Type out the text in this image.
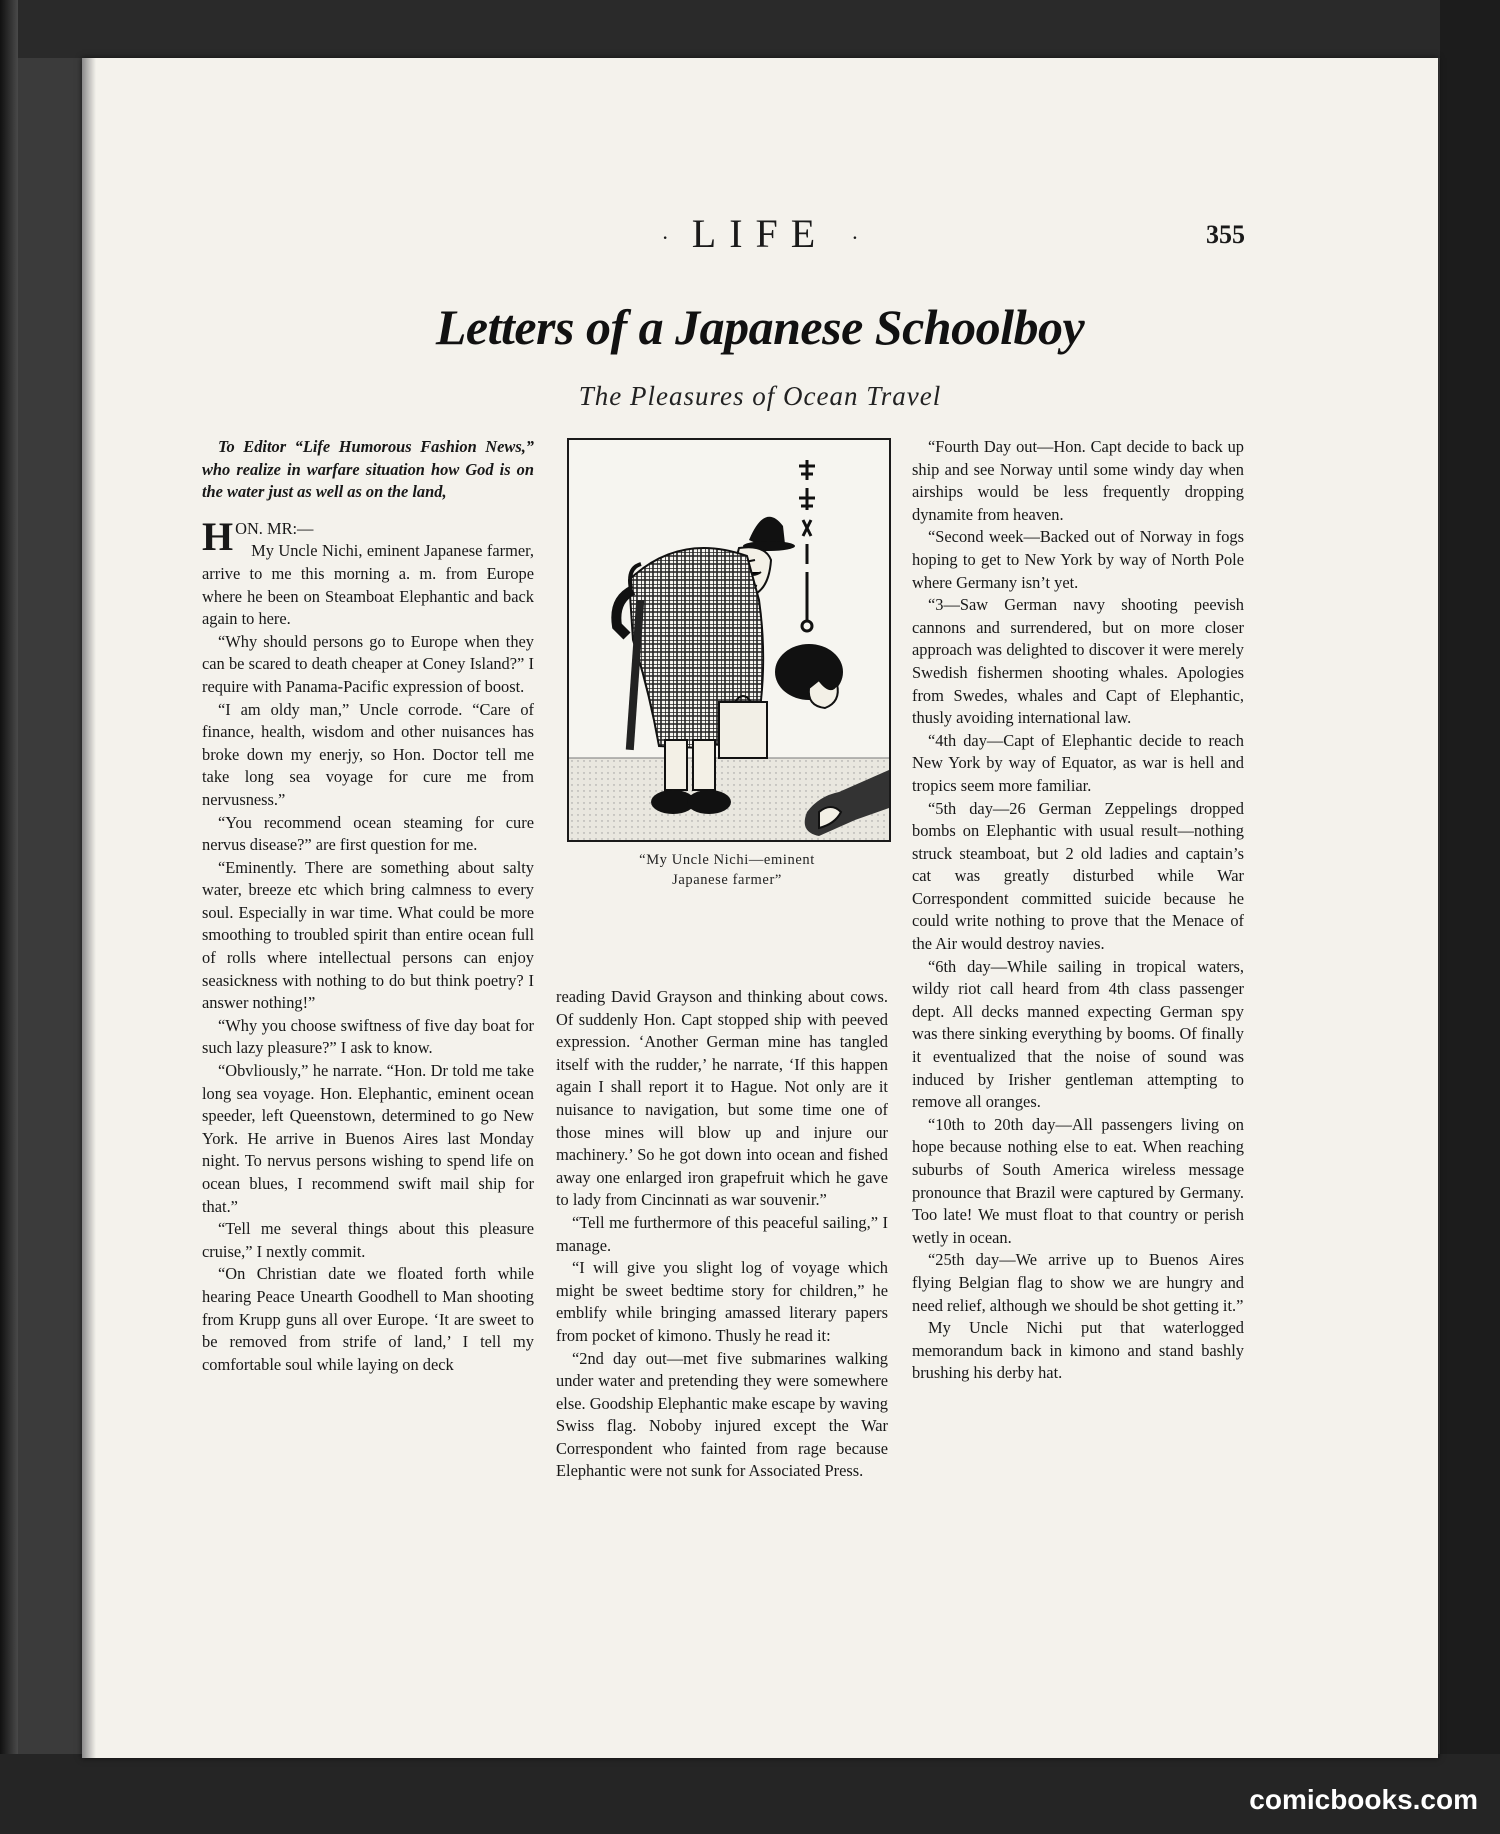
· LIFE ·	355
Letters of a Japanese Schoolboy
The Pleasures of Ocean Travel

To Editor “Life Humorous Fashion News,” who realize in warfare situation how God is on the water just as well as on the land,

HON. MR:—

My Uncle Nichi, eminent Japanese farmer, arrive to me this morning a. m. from Europe where he been on Steamboat Elephantic and back again to here.

“Why should persons go to Europe when they can be scared to death cheaper at Coney Island?” I require with Panama-Pacific expression of boost.

“I am oldy man,” Uncle corrode. “Care of finance, health, wisdom and other nuisances has broke down my enerjy, so Hon. Doctor tell me take long sea voyage for cure me from nervusness.”

“You recommend ocean steaming for cure nervus disease?” are first question for me.

“Eminently. There are something about salty water, breeze etc which bring calmness to every soul. Especially in war time. What could be more smoothing to troubled spirit than entire ocean full of rolls where intellectual persons can enjoy seasickness with nothing to do but think poetry? I answer nothing!”

“Why you choose swiftness of five day boat for such lazy pleasure?” I ask to know.

“Obvliously,” he narrate. “Hon. Dr told me take long sea voyage. Hon. Elephantic, eminent ocean speeder, left Queenstown, determined to go New York. He arrive in Buenos Aires last Monday night. To nervus persons wishing to spend life on ocean blues, I recommend swift mail ship for that.”

“Tell me several things about this pleasure cruise,” I nextly commit.

“On Christian date we floated forth while hearing Peace Unearth Goodhell to Man shooting from Krupp guns all over Europe. ‘It are sweet to be removed from strife of land,’ I tell my comfortable soul while laying on deck

“My Uncle Nichi—eminent
Japanese farmer”

reading David Grayson and thinking about cows. Of suddenly Hon. Capt stopped ship with peeved expression. ‘Another German mine has tangled itself with the rudder,’ he narrate, ‘If this happen again I shall report it to Hague. Not only are it nuisance to navigation, but some time one of those mines will blow up and injure our machinery.’ So he got down into ocean and fished away one enlarged iron grapefruit which he gave to lady from Cincinnati as war souvenir.”

“Tell me furthermore of this peaceful sailing,” I manage.

“I will give you slight log of voyage which might be sweet bedtime story for children,” he emblify while bringing amassed literary papers from pocket of kimono. Thusly he read it:

“2nd day out—met five submarines walking under water and pretending they were somewhere else. Goodship Elephantic make escape by waving Swiss flag. Noboby injured except the War Correspondent who fainted from rage because Elephantic were not sunk for Associated Press.

“Fourth Day out—Hon. Capt decide to back up ship and see Norway until some windy day when airships would be less frequently dropping dynamite from heaven.

“Second week—Backed out of Norway in fogs hoping to get to New York by way of North Pole where Germany isn’t yet.

“3—Saw German navy shooting peevish cannons and surrendered, but on more closer approach was delighted to discover it were merely Swedish fishermen shooting whales. Apologies from Swedes, whales and Capt of Elephantic, thusly avoiding international law.

“4th day—Capt of Elephantic decide to reach New York by way of Equator, as war is hell and tropics seem more familiar.

“5th day—26 German Zeppelings dropped bombs on Elephantic with usual result—nothing struck steamboat, but 2 old ladies and captain’s cat was greatly disturbed while War Correspondent committed suicide because he could write nothing to prove that the Menace of the Air would destroy navies.

“6th day—While sailing in tropical waters, wildy riot call heard from 4th class passenger dept. All decks manned expecting German spy was there sinking everything by booms. Of finally it eventualized that the noise of sound was induced by Irisher gentleman attempting to remove all oranges.

“10th to 20th day—All passengers living on hope because nothing else to eat. When reaching suburbs of South America wireless message pronounce that Brazil were captured by Germany. Too late! We must float to that country or perish wetly in ocean.

“25th day—We arrive up to Buenos Aires flying Belgian flag to show we are hungry and need relief, although we should be shot getting it.”

My Uncle Nichi put that waterlogged memorandum back in kimono and stand bashly brushing his derby hat.

comicbooks.com
